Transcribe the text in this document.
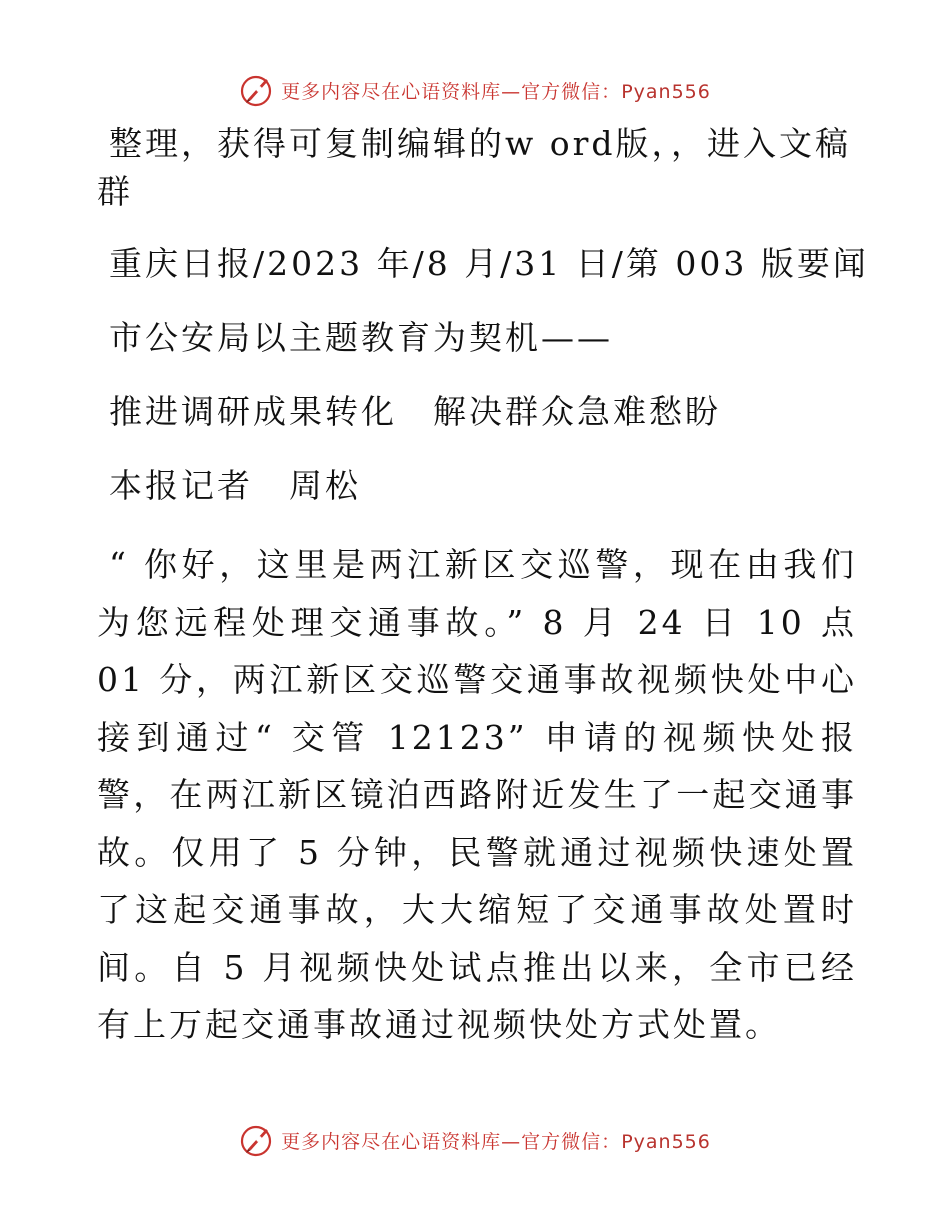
更多内容尽在心语资料库—官方微信：Pyan556
整理，获得可复制编辑的w ord版，，进入文稿群
重庆日报/2023 年/8 月/31 日/第 003 版要闻
市公安局以主题教育为契机——
推进调研成果转化　解决群众急难愁盼
本报记者　周松
“ 你好，这里是两江新区交巡警，现在由我们为您远程处理交通事故。” 8 月 24 日 10 点 01 分，两江新区交巡警交通事故视频快处中心接到通过“ 交管 12123” 申请的视频快处报警，在两江新区镜泊西路附近发生了一起交通事故。仅用了 5 分钟，民警就通过视频快速处置了这起交通事故，大大缩短了交通事故处置时间。自 5 月视频快处试点推出以来，全市已经有上万起交通事故通过视频快处方式处置。
更多内容尽在心语资料库—官方微信：Pyan556
